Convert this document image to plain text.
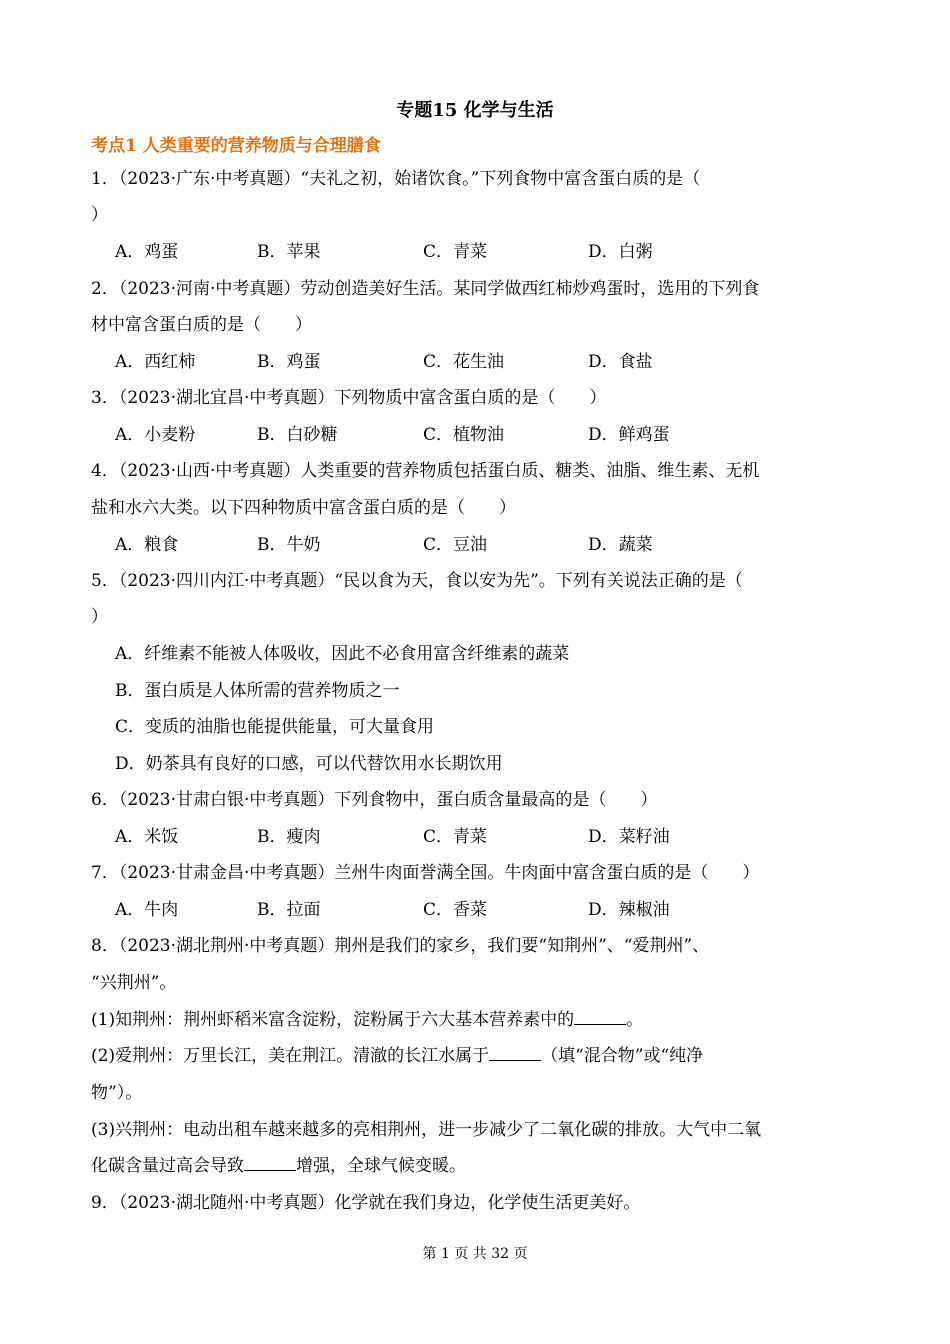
专题15 化学与生活
考点1 人类重要的营养物质与合理膳食
1．（2023·广东·中考真题）“夫礼之初，始诸饮食。”下列食物中富含蛋白质的是（
）
A．鸡蛋	B．苹果	C．青菜	D．白粥
2．（2023·河南·中考真题）劳动创造美好生活。某同学做西红柿炒鸡蛋时，选用的下列食
材中富含蛋白质的是（　　）
A．西红柿	B．鸡蛋	C．花生油	D．食盐
3．（2023·湖北宜昌·中考真题）下列物质中富含蛋白质的是（　　）
A．小麦粉	B．白砂糖	C．植物油	D．鲜鸡蛋
4．（2023·山西·中考真题）人类重要的营养物质包括蛋白质、糖类、油脂、维生素、无机
盐和水六大类。以下四种物质中富含蛋白质的是（　　）
A．粮食	B．牛奶	C．豆油	D．蔬菜
5．（2023·四川内江·中考真题）“民以食为天，食以安为先”。下列有关说法正确的是（
）
A．纤维素不能被人体吸收，因此不必食用富含纤维素的蔬菜
B．蛋白质是人体所需的营养物质之一
C．变质的油脂也能提供能量，可大量食用
D．奶茶具有良好的口感，可以代替饮用水长期饮用
6．（2023·甘肃白银·中考真题）下列食物中，蛋白质含量最高的是（　　）
A．米饭	B．瘦肉	C．青菜	D．菜籽油
7．（2023·甘肃金昌·中考真题）兰州牛肉面誉满全国。牛肉面中富含蛋白质的是（　　）
A．牛肉	B．拉面	C．香菜	D．辣椒油
8．（2023·湖北荆州·中考真题）荆州是我们的家乡，我们要“知荆州”、“爱荆州”、
“兴荆州”。
(1)知荆州：荆州虾稻米富含淀粉，淀粉属于六大基本营养素中的	。
(2)爱荆州：万里长江，美在荆江。清澈的长江水属于	（填“混合物”或“纯净
物”）。
(3)兴荆州：电动出租车越来越多的亮相荆州，进一步减少了二氧化碳的排放。大气中二氧
化碳含量过高会导致	增强，全球气候变暖。
9．（2023·湖北随州·中考真题）化学就在我们身边，化学使生活更美好。
第 1 页 共 32 页
